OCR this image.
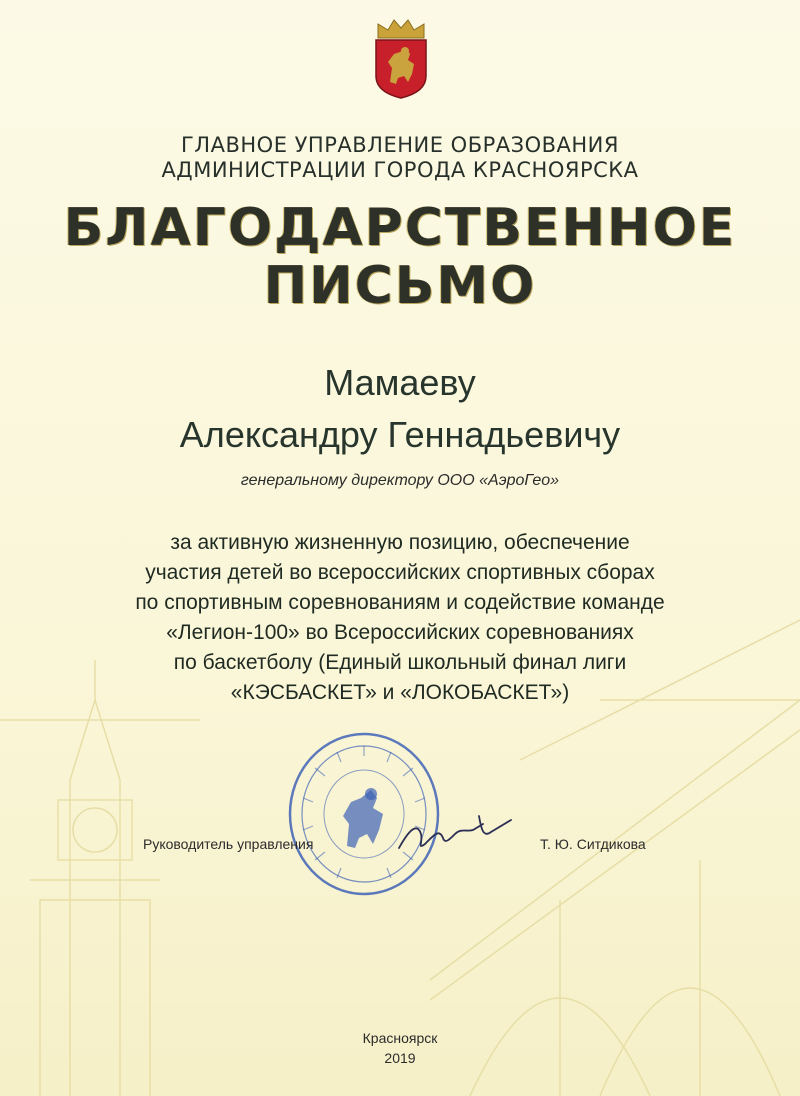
ГЛАВНОЕ УПРАВЛЕНИЕ ОБРАЗОВАНИЯ
АДМИНИСТРАЦИИ ГОРОДА КРАСНОЯРСКА
БЛАГОДАРСТВЕННОЕ
ПИСЬМО
Мамаеву
Александру Геннадьевичу
генеральному директору ООО «АэроГео»
за активную жизненную позицию, обеспечение
участия детей во всероссийских спортивных сборах
по спортивным соревнованиям и содействие команде
«Легион-100» во Всероссийских соревнованиях
по баскетболу (Единый школьный финал лиги
«КЭСБАСКЕТ» и «ЛОКОБАСКЕТ»)
Руководитель управления	Т. Ю. Ситдикова
Красноярск
2019
